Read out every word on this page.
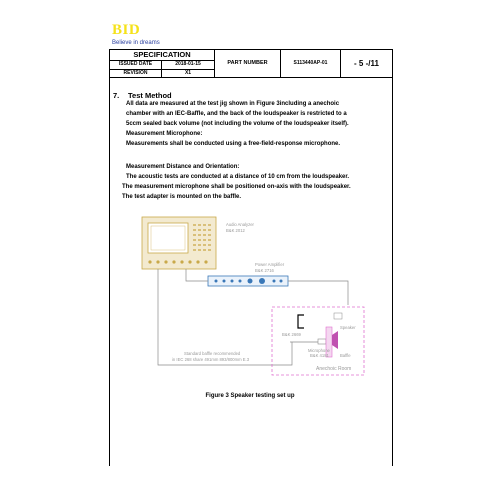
BID
Believe in dreams
SPECIFICATION		PART NUMBER	S113440AP-01	- 5 -/11
ISSUED DATE	2018-01-15			
REVISION	X1			
7. Test Method
All data are measured at the test jig shown in Figure 3including a anechoic
chamber with an IEC-Baffle, and the back of the loudspeaker is restricted to a
5ccm sealed back volume (not including the volume of the loudspeaker itself).
Measurement Microphone:
Measurements shall be conducted using a free-field-response microphone.
Measurement Distance and Orientation:
The acoustic tests are conducted at a distance of 10 cm from the loudspeaker.
The measurement microphone shall be positioned on-axis with the loudspeaker.
The test adapter is mounted on the baffle.
Audio Analyzer
B&K 2012
Power Amplifier
B&K 2716
Speaker
B&K 2669
Microphone
B&K 4181	Baffle
Anechoic Room
Standard baffle recommended
in IEC 268 share 491mm 893/800mm E.3
Figure 3 Speaker testing set up
